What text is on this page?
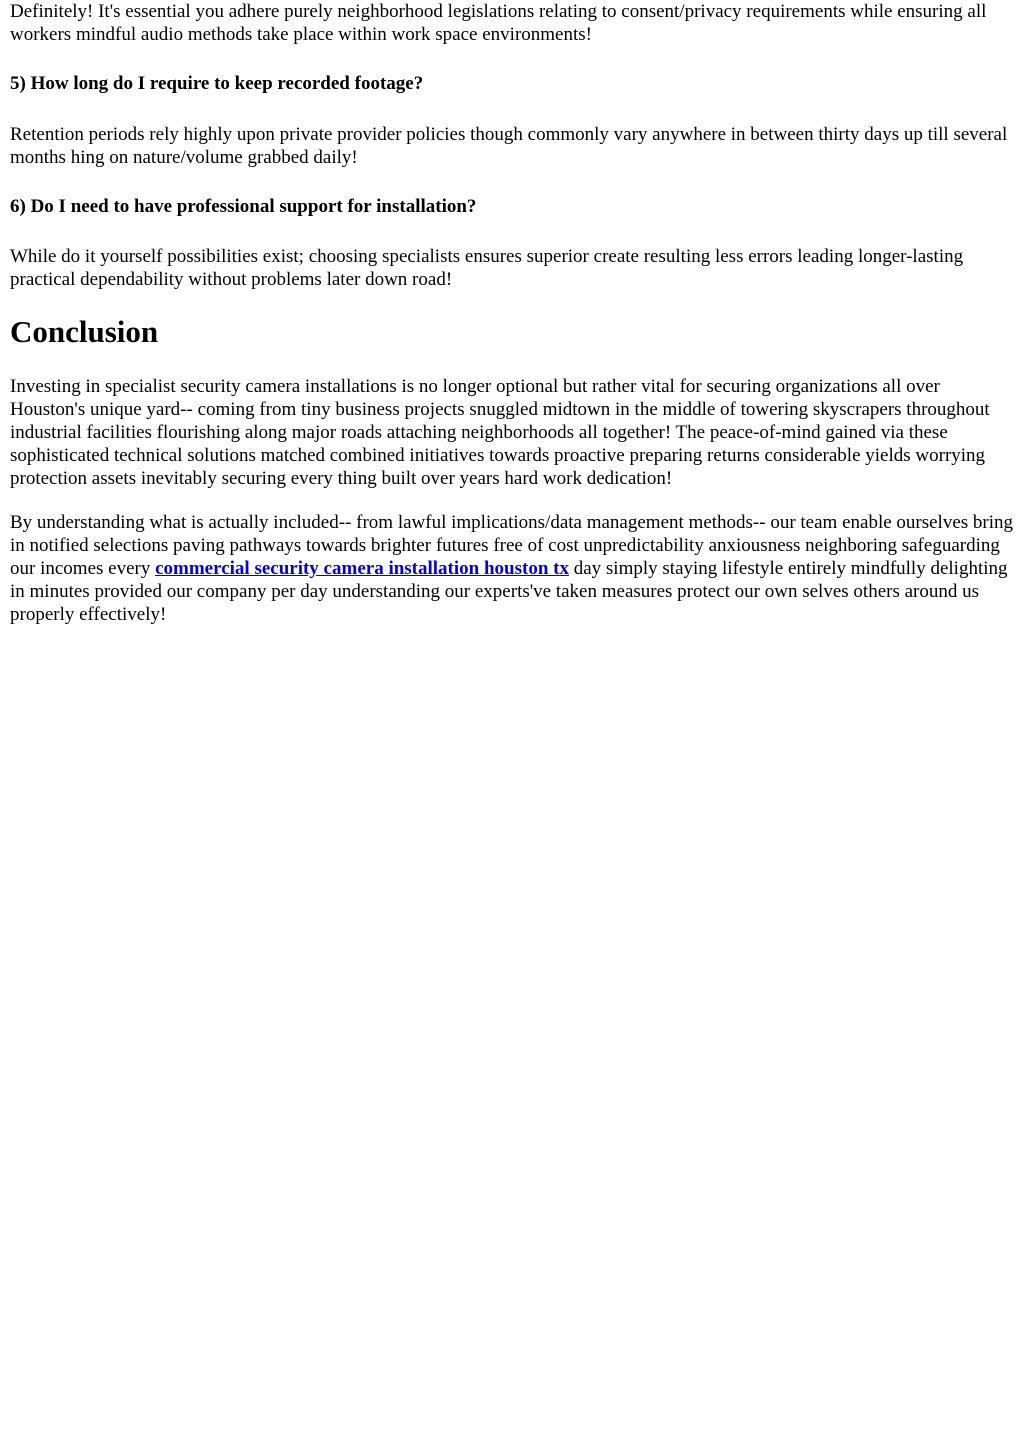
Definitely! It's essential you adhere purely neighborhood legislations relating to consent/privacy requirements while ensuring all workers mindful audio methods take place within work space environments!

5) How long do I require to keep recorded footage?

Retention periods rely highly upon private provider policies though commonly vary anywhere in between thirty days up till several months hing on nature/volume grabbed daily!

6) Do I need to have professional support for installation?

While do it yourself possibilities exist; choosing specialists ensures superior create resulting less errors leading longer-lasting practical dependability without problems later down road!

Conclusion

Investing in specialist security camera installations is no longer optional but rather vital for securing organizations all over Houston's unique yard-- coming from tiny business projects snuggled midtown in the middle of towering skyscrapers throughout industrial facilities flourishing along major roads attaching neighborhoods all together! The peace-of-mind gained via these sophisticated technical solutions matched combined initiatives towards proactive preparing returns considerable yields worrying protection assets inevitably securing every thing built over years hard work dedication!

By understanding what is actually included-- from lawful implications/data management methods-- our team enable ourselves bring in notified selections paving pathways towards brighter futures free of cost unpredictability anxiousness neighboring safeguarding our incomes every commercial security camera installation houston tx day simply staying lifestyle entirely mindfully delighting in minutes provided our company per day understanding our experts've taken measures protect our own selves others around us properly effectively!
